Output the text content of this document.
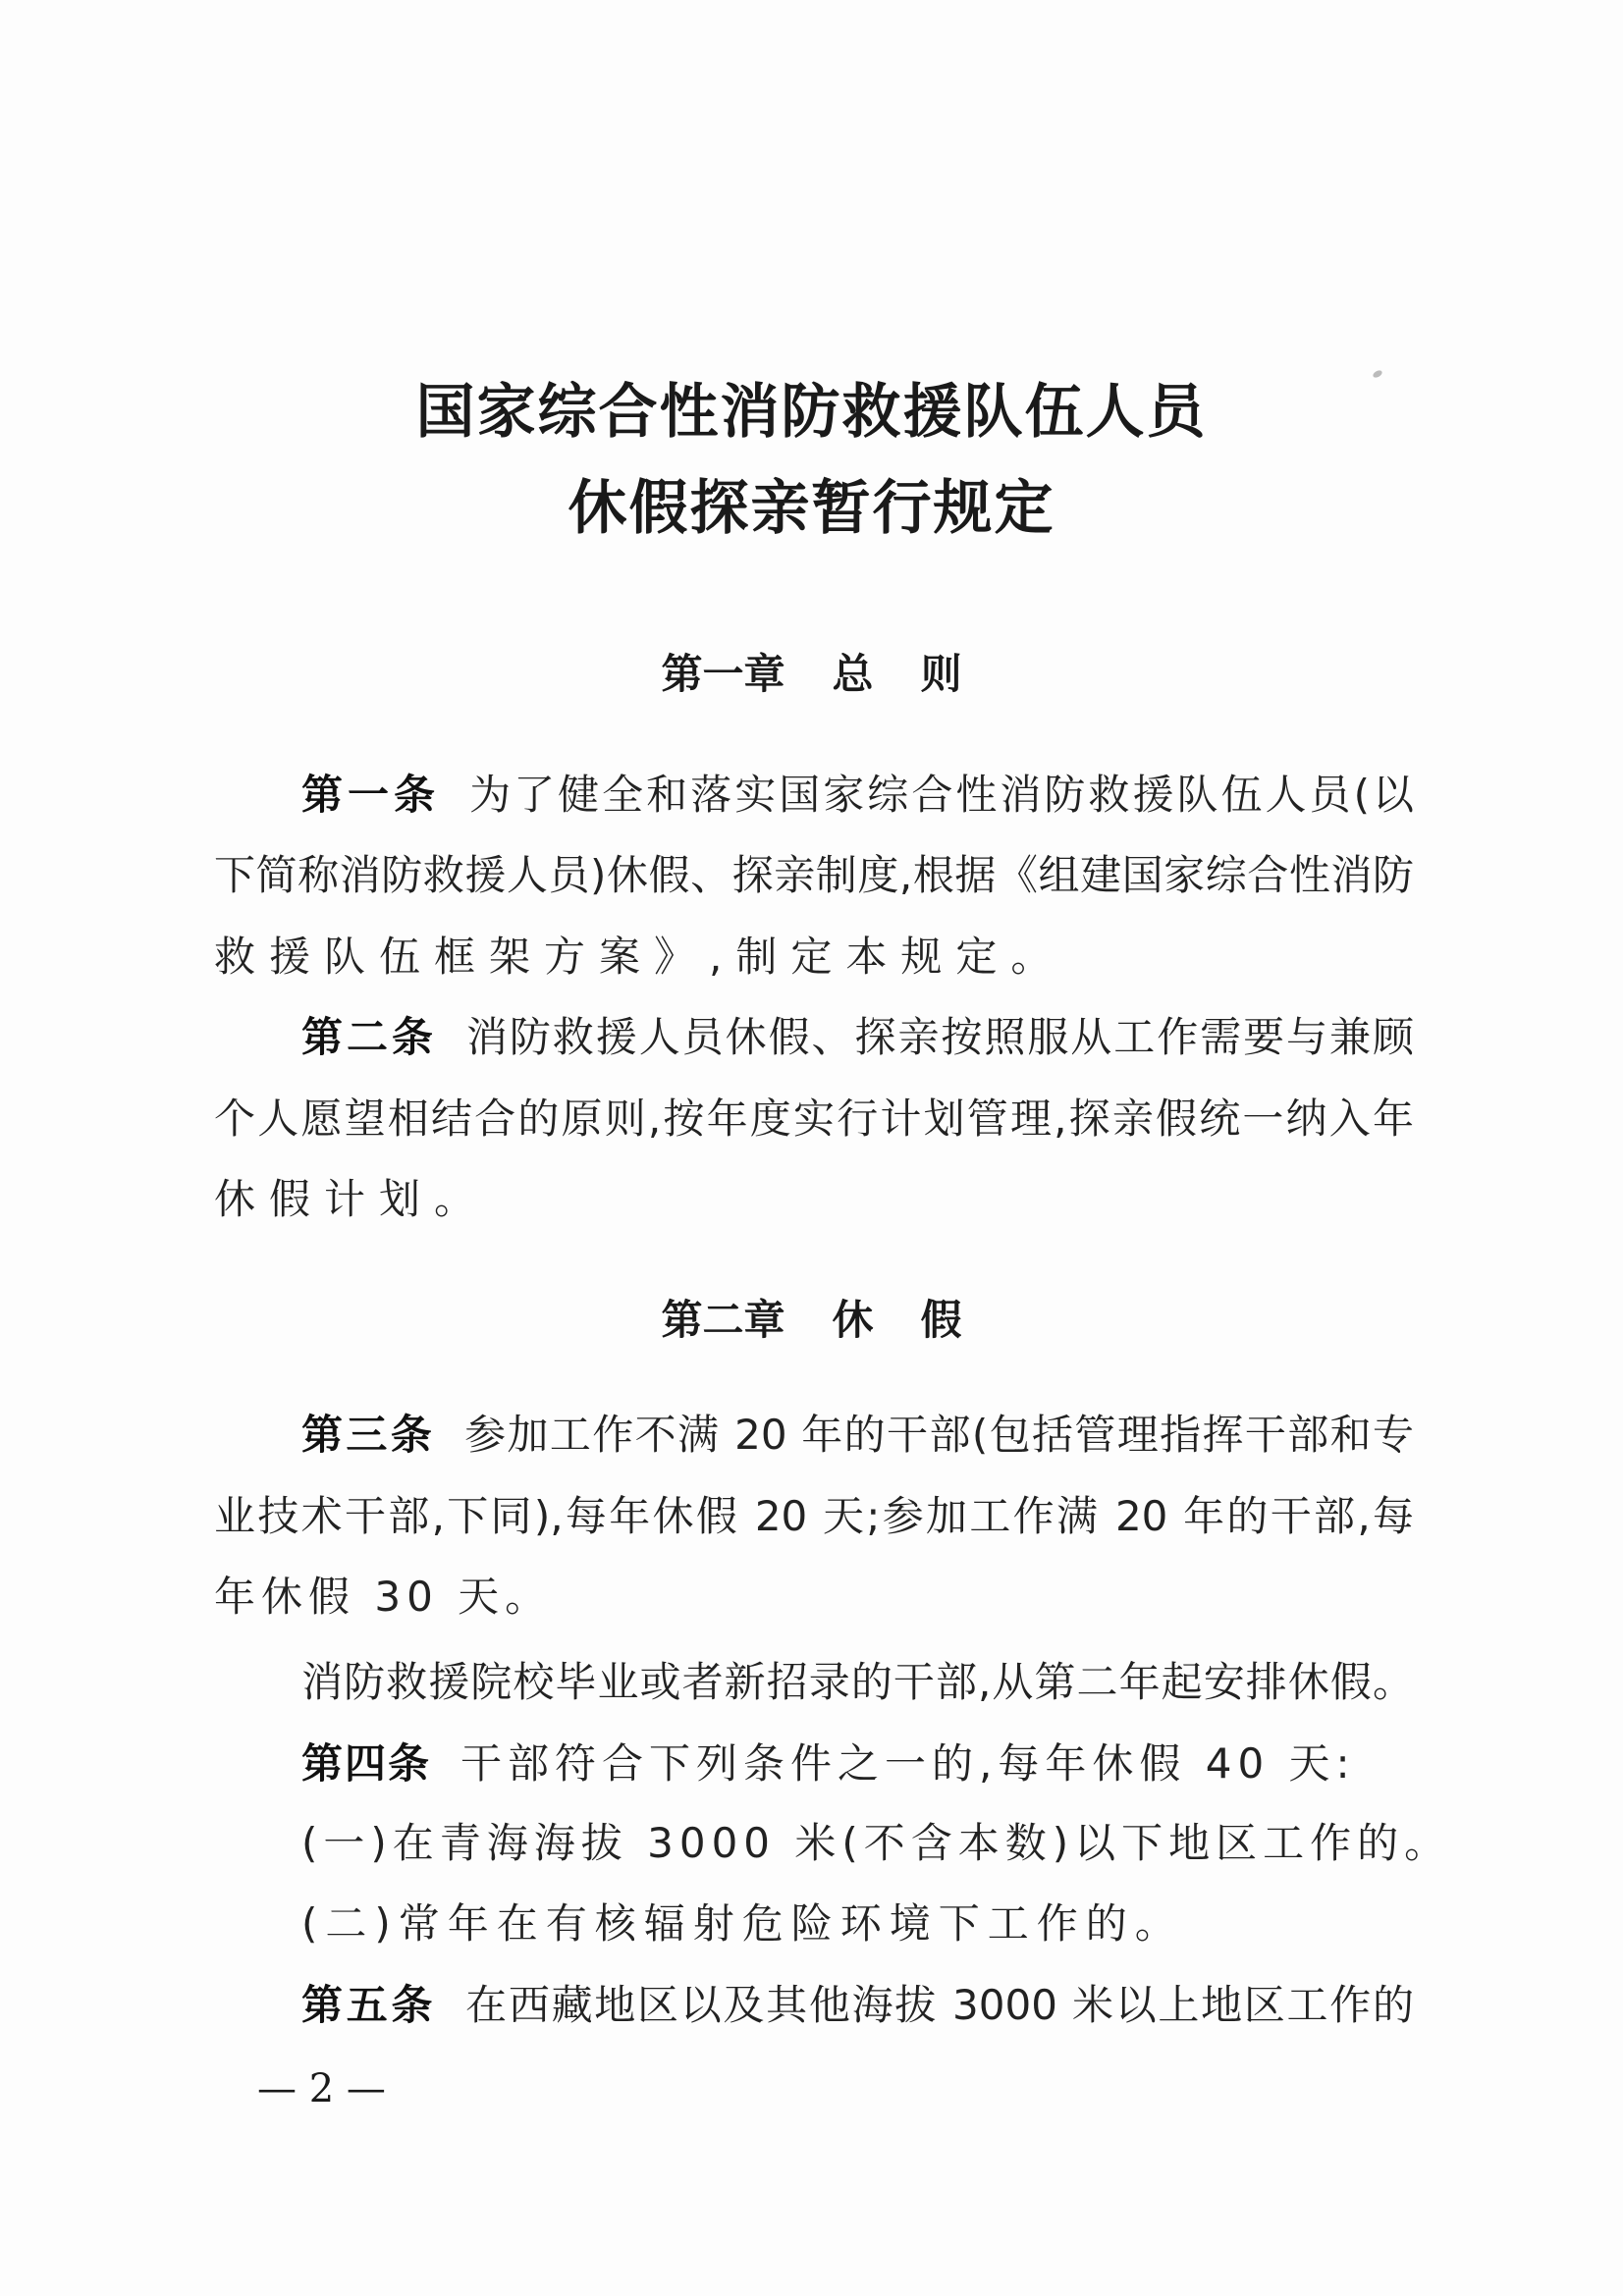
国家综合性消防救援队伍人员
休假探亲暂行规定
第一章 总 则
第二章 休 假
第一条 为了健全和落实国家综合性消防救援队伍人员(以
下简称消防救援人员)休假、探亲制度,根据《组建国家综合性消防
救援队伍框架方案》,制定本规定。
第二条 消防救援人员休假、探亲按照服从工作需要与兼顾
个人愿望相结合的原则,按年度实行计划管理,探亲假统一纳入年
休假计划。
第三条 参加工作不满 20 年的干部(包括管理指挥干部和专
业技术干部,下同),每年休假 20 天;参加工作满 20 年的干部,每
年休假 30 天。
消防救援院校毕业或者新招录的干部,从第二年起安排休假。
第四条 干部符合下列条件之一的,每年休假 40 天:
(一)在青海海拔 3000 米(不含本数)以下地区工作的。
(二)常年在有核辐射危险环境下工作的。
第五条 在西藏地区以及其他海拔 3000 米以上地区工作的
— 2 —
